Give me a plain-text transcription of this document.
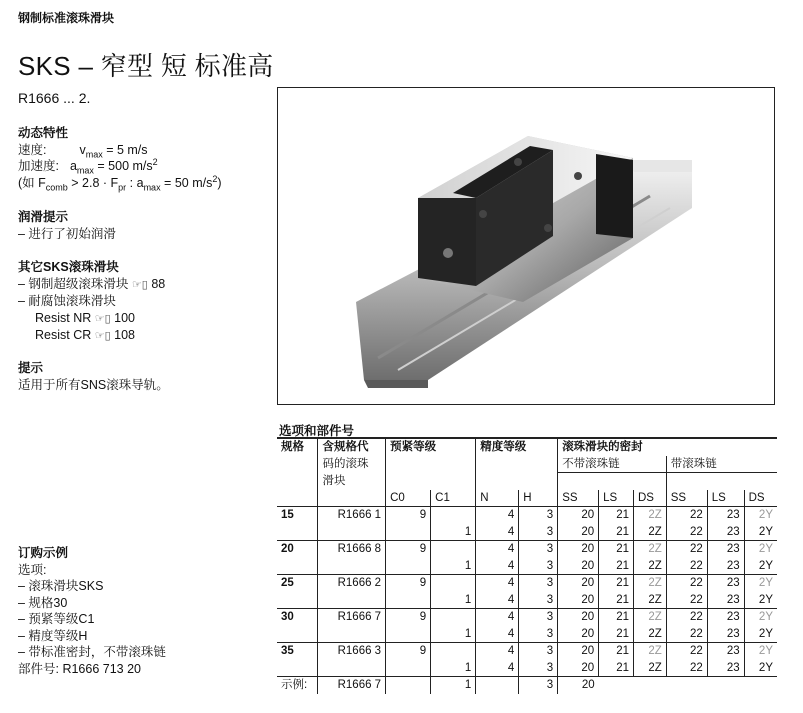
钢制标准滚珠滑块
SKS – 窄型 短 标准高
R1666 ... 2.
动态特性
速度:	$v_{max} = 5$ m/s
加速度: $a_{max} = 500$ $m/s^2$
(如 $F_{comb} > 2.8 \cdot F_{pr}$ : $a_{max} = 50$ $m/s^2$)
润滑提示
– 进行了初始润滑
其它SKS滚珠滑块
– 钢制超级滚珠滑块 ☞▯ 88
– 耐腐蚀滚珠滑块
Resist NR ☞▯ 100
Resist CR ☞▯ 108
提示
适用于所有SNS滚珠导轨。
订购示例
选项:
– 滚珠滑块SKS
– 规格30
– 预紧等级C1
– 精度等级H
– 带标准密封，不带滚珠链
部件号: R1666 713 20
选项和部件号
规格	含规格代	预紧等级		精度等级		滚珠滑块的密封					
	码的滚珠					不带滚珠链			带滚珠链		
	滑块										
		C0	C1	N	H	SS	LS	DS	SS	LS	DS
15	R1666 1	9		4	3	20	21	2Z	22	23	2Y
			1	4	3	20	21	2Z	22	23	2Y
20	R1666 8	9		4	3	20	21	2Z	22	23	2Y
			1	4	3	20	21	2Z	22	23	2Y
25	R1666 2	9		4	3	20	21	2Z	22	23	2Y
			1	4	3	20	21	2Z	22	23	2Y
30	R1666 7	9		4	3	20	21	2Z	22	23	2Y
			1	4	3	20	21	2Z	22	23	2Y
35	R1666 3	9		4	3	20	21	2Z	22	23	2Y
			1	4	3	20	21	2Z	22	23	2Y
示例:	R1666 7		1		3	20					
